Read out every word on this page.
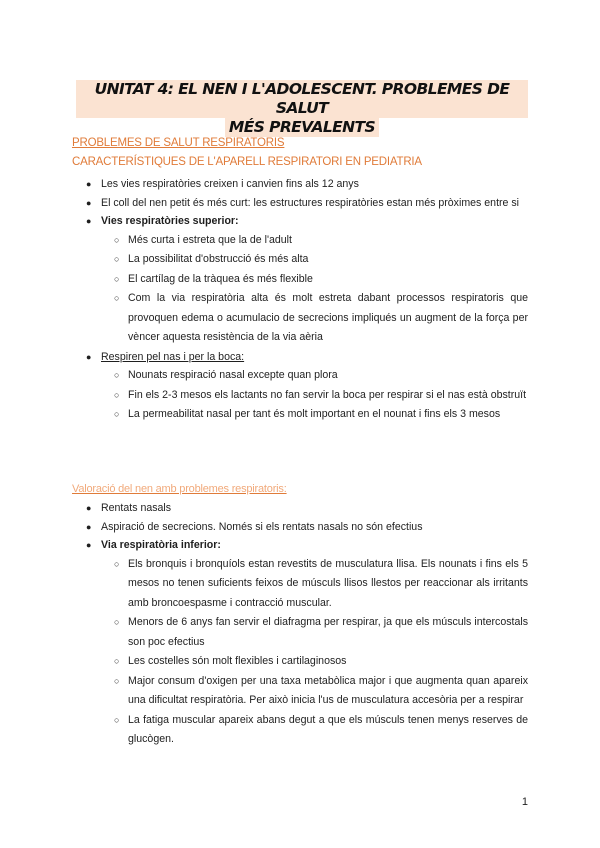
UNITAT 4: EL NEN I L'ADOLESCENT. PROBLEMES DE SALUT
MÉS PREVALENTS
PROBLEMES DE SALUT RESPIRATORIS
CARACTERÍSTIQUES DE L'APARELL RESPIRATORI EN PEDIATRIA
● Les vies respiratòries creixen i canvien fins als 12 anys
● El coll del nen petit és més curt: les estructures respiratòries estan més pròximes entre si
● Vies respiratòries superior:
○ Més curta i estreta que la de l'adult
○ La possibilitat d'obstrucció és més alta
○ El cartílag de la tràquea és més flexible
○ Com la via respiratòria alta és molt estreta dabant processos respiratoris que provoquen edema o acumulacio de secrecions impliqués un augment de la força per vèncer aquesta resistència de la via aèria
● Respiren pel nas i per la boca:
○ Nounats respiració nasal excepte quan plora
○ Fin els 2-3 mesos els lactants no fan servir la boca per respirar si el nas està obstruït
○ La permeabilitat nasal per tant és molt important en el nounat i fins els 3 mesos
Valoració del nen amb problemes respiratoris:
● Rentats nasals
● Aspiració de secrecions. Només si els rentats nasals no són efectius
● Via respiratòria inferior:
○ Els bronquis i bronquíols estan revestits de musculatura llisa. Els nounats i fins els 5 mesos no tenen suficients feixos de músculs llisos llestos per reaccionar als irritants amb broncoespasme i contracció muscular.
○ Menors de 6 anys fan servir el diafragma per respirar, ja que els músculs intercostals son poc efectius
○ Les costelles són molt flexibles i cartilaginosos
○ Major consum d'oxigen per una taxa metabòlica major i que augmenta quan apareix una dificultat respiratòria. Per això inicia l'us de musculatura accesòria per a respirar
○ La fatiga muscular apareix abans degut a que els músculs tenen menys reserves de glucògen.
1
